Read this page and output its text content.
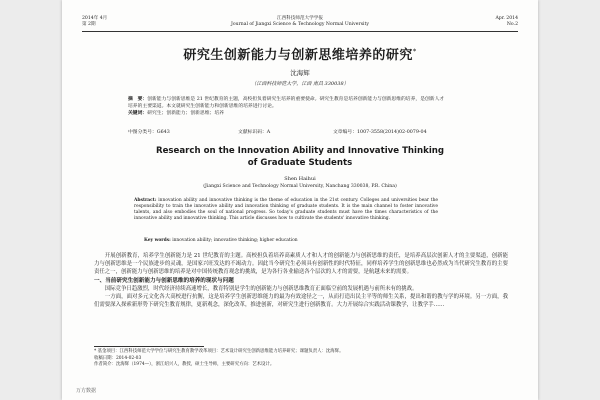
2014年 4月
第 2期
江西科技师范大学学报
Journal of Jiangxi Science & Technology Normal University
Apr. 2014
No.2
研究生创新能力与创新思维培养的研究*
沈海辉
（江西科技师范大学，江西 南昌 330038）
摘　要：创新能力与创新思维是 21 世纪教育的主题，高校担负着研究生培养的重要使命。研究生教育是培养创新能力与创新思维的培养，是创新人才培养的主要渠道。本文就研究生创新能力和创新思维的培养进行讨论。
关键词：研究生；创新能力；创新思维；培养
中图分类号：G643	文献标识码：A	文章编号：1007-3558(2014)02-0079-04
Research on the Innovation Ability and Innovative Thinking of Graduate Students
Shen Haihui
(Jiangxi Science and Technology Normal University, Nanchang 330038, P.R. China)
Abstract: innovation ability and innovative thinking is the theme of education in the 21st century. Colleges and universities bear the responsibility to train the innovative ability and innovation thinking of graduate students. It is the main channel to foster innovative talents, and also embodies the soul of national progress. So today's graduate students must have the times characteristics of the innovative ability and innovative thinking. This article discusses how to cultivate the students' innovative thinking.
Key words: innovation ability; innovative thinking; higher education

开展创新教育，培养学生创新能力是 21 世纪教育的主题。高校担负着培养高素质人才和人才的创新能力与创新思维的责任，是培养高层次创新人才的主要渠道，创新能力与创新思维是一个民族进步的灵魂，是国家兴旺发达的不竭动力。因此当今研究生必须具有创新性的时代特征，同样培养学生的创新思维也必然成为当代研究生教育的主要责任之一，创新能力与创新思维的培养是对中国传统教育观念的挑战，是为各行各业输送各个层次的人才的需要，是航越未来的需要。

一、当前研究生创新能力与创新思维的培养的现状与问题

国际竞争日趋激烈，时代经济持续高速增长，教育特别是学生的创新能力与创新思维教育正面临空前的发展机遇与前所未有的挑战。

一方面，面对多元文化各大高校进行抗衡，这是培养学生创新思维能力的最为有效途径之一，从而打造出民主平等的师生关系，提出和谐的教与学的环境。另一方面，我们需要深入探索新形势下研究生教育规律，更新观念，深化改革，推进创新，对研究生进行创新教育。大力开展综合实践活动课教学，让教学手……

* 基金项目：江西科技师范大学学位与研究生教育教学改革项目：艺术设计研究生创新思维能力培养研究；课题负责人：沈海辉。
收稿日期：2014-02-03
作者简介：沈海辉（1974—），浙江绍兴人，教授，硕士生导师，主要研究方向：艺术设计。
万方数据
